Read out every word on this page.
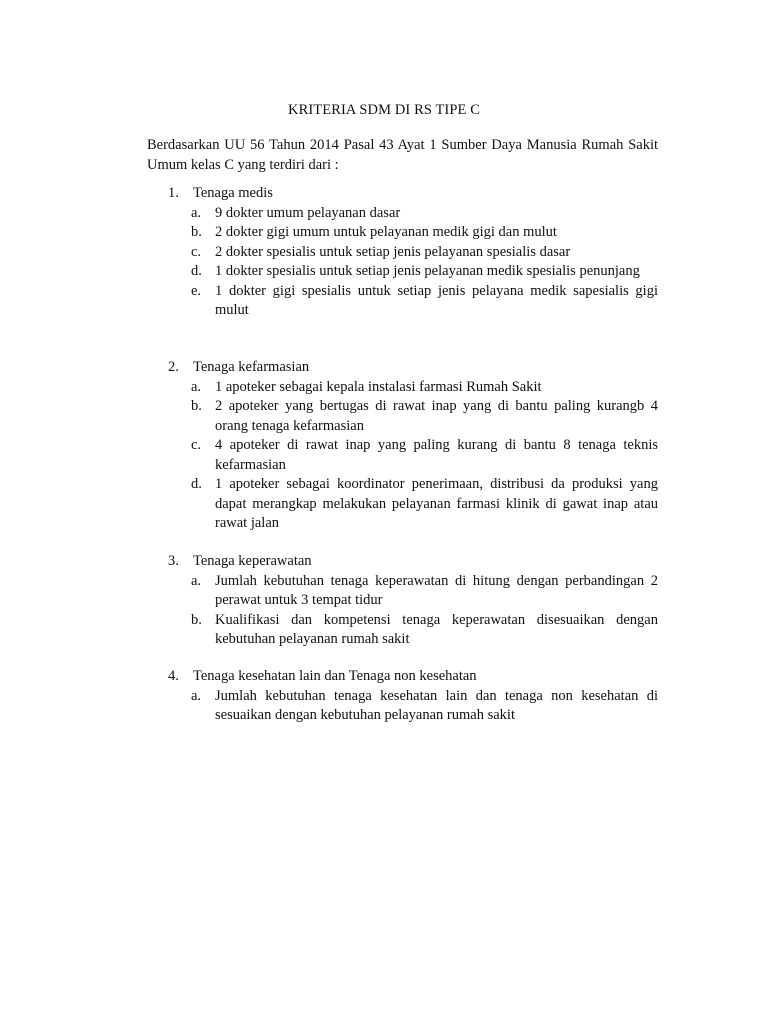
KRITERIA SDM DI RS TIPE C
Berdasarkan UU 56 Tahun 2014 Pasal 43 Ayat 1 Sumber Daya Manusia Rumah Sakit Umum kelas C yang terdiri dari :
1. Tenaga medis
a. 9 dokter umum pelayanan dasar
b. 2 dokter gigi umum untuk pelayanan medik gigi dan mulut
c. 2 dokter spesialis untuk setiap jenis pelayanan spesialis dasar
d. 1 dokter spesialis untuk setiap jenis pelayanan medik spesialis penunjang
e. 1 dokter gigi spesialis untuk setiap jenis pelayana medik sapesialis gigi mulut
2. Tenaga kefarmasian
a. 1 apoteker sebagai kepala instalasi farmasi Rumah Sakit
b. 2 apoteker yang bertugas di rawat inap yang di bantu paling kurangb 4 orang tenaga kefarmasian
c. 4 apoteker di rawat inap yang paling kurang di bantu 8 tenaga teknis kefarmasian
d. 1 apoteker sebagai koordinator penerimaan, distribusi da produksi yang dapat merangkap melakukan pelayanan farmasi klinik di gawat inap atau rawat jalan
3. Tenaga keperawatan
a. Jumlah kebutuhan tenaga keperawatan di hitung dengan perbandingan 2 perawat untuk 3 tempat tidur
b. Kualifikasi dan kompetensi tenaga keperawatan disesuaikan dengan kebutuhan pelayanan rumah sakit
4. Tenaga kesehatan lain dan Tenaga non kesehatan
a. Jumlah kebutuhan tenaga kesehatan lain dan tenaga non kesehatan di sesuaikan dengan kebutuhan pelayanan rumah sakit
